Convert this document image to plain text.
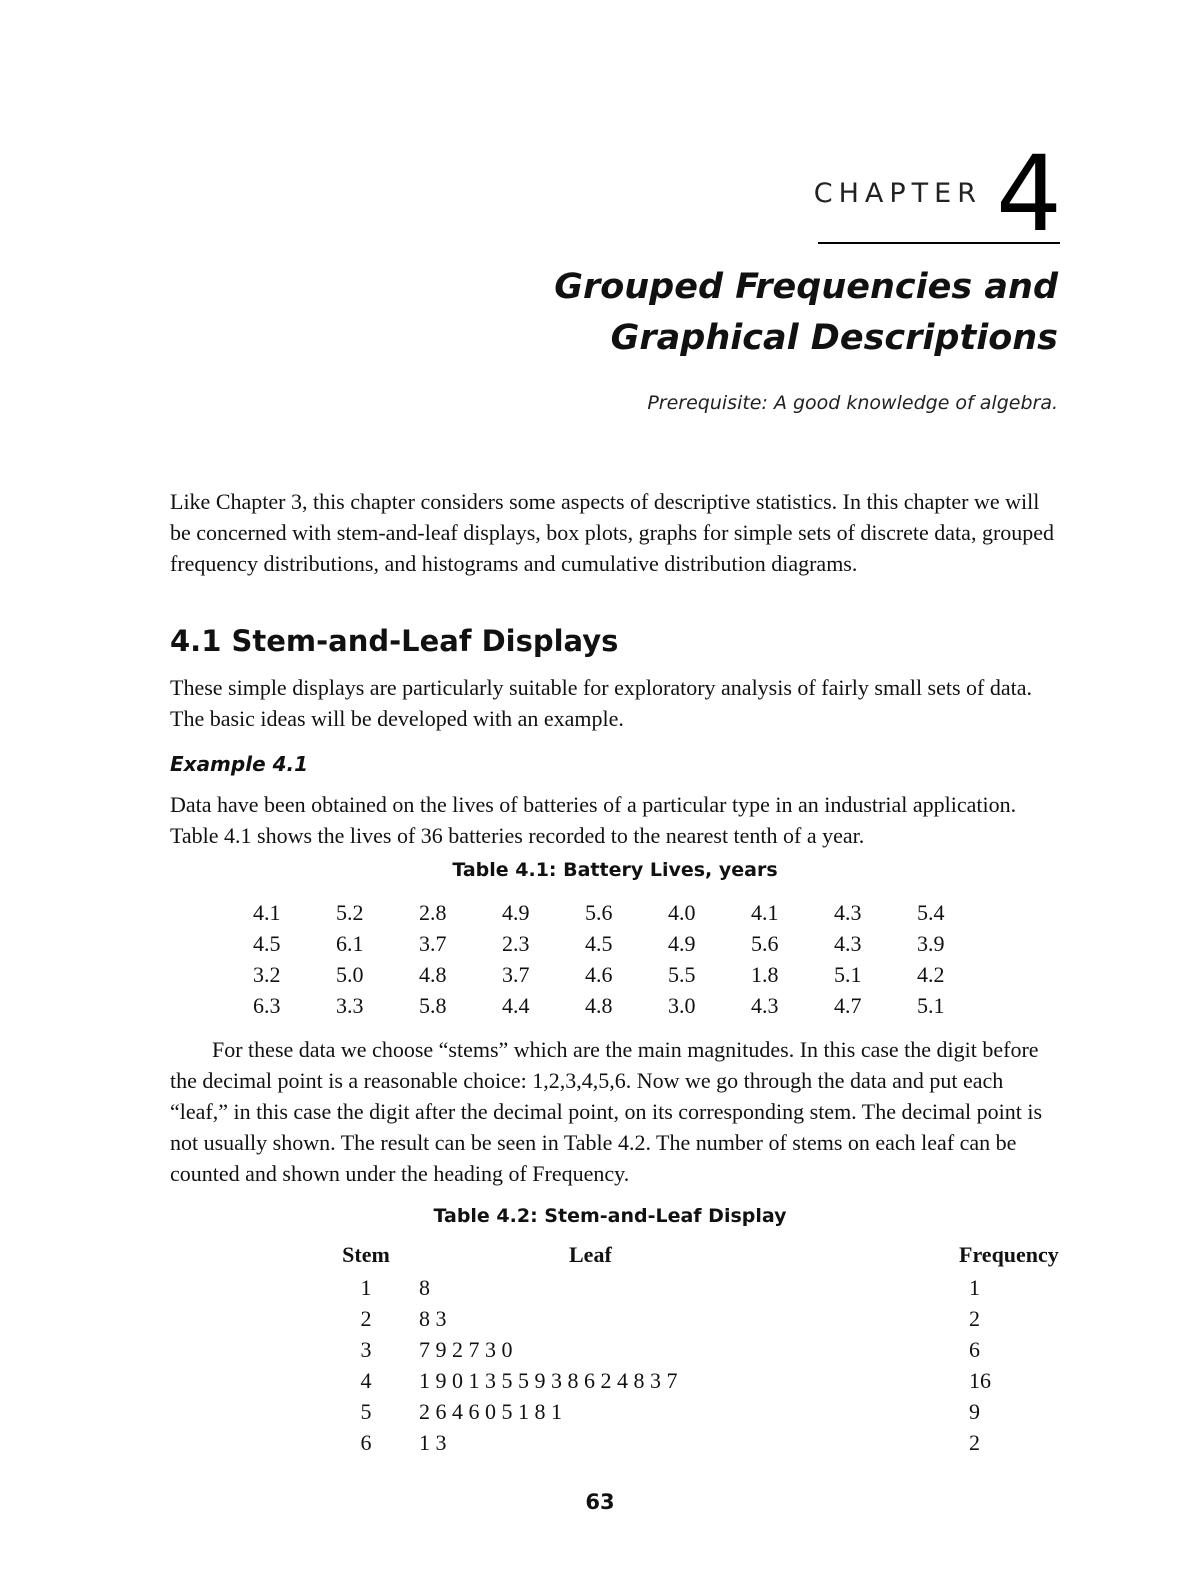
CHAPTER 4
Grouped Frequencies and
Graphical Descriptions
Prerequisite: A good knowledge of algebra.

Like Chapter 3, this chapter considers some aspects of descriptive statistics. In this chapter we will be concerned with stem-and-leaf displays, box plots, graphs for simple sets of discrete data, grouped frequency distributions, and histograms and cumulative distribution diagrams.

4.1 Stem-and-Leaf Displays

These simple displays are particularly suitable for exploratory analysis of fairly small sets of data. The basic ideas will be developed with an example.

Example 4.1

Data have been obtained on the lives of batteries of a particular type in an industrial application. Table 4.1 shows the lives of 36 batteries recorded to the nearest tenth of a year.

Table 4.1: Battery Lives, years
4.1	5.2	2.8	4.9	5.6	4.0	4.1	4.3	5.4
4.5	6.1	3.7	2.3	4.5	4.9	5.6	4.3	3.9
3.2	5.0	4.8	3.7	4.6	5.5	1.8	5.1	4.2
6.3	3.3	5.8	4.4	4.8	3.0	4.3	4.7	5.1

For these data we choose “stems” which are the main magnitudes. In this case the digit before the decimal point is a reasonable choice: 1,2,3,4,5,6. Now we go through the data and put each “leaf,” in this case the digit after the decimal point, on its corresponding stem. The decimal point is not usually shown. The result can be seen in Table 4.2. The number of stems on each leaf can be counted and shown under the heading of Frequency.

Table 4.2: Stem-and-Leaf Display
Stem	Leaf	Frequency
1	8	1
2	8 3	2
3	7 9 2 7 3 0	6
4	1 9 0 1 3 5 5 9 3 8 6 2 4 8 3 7	16
5	2 6 4 6 0 5 1 8 1	9
6	1 3	2
63
